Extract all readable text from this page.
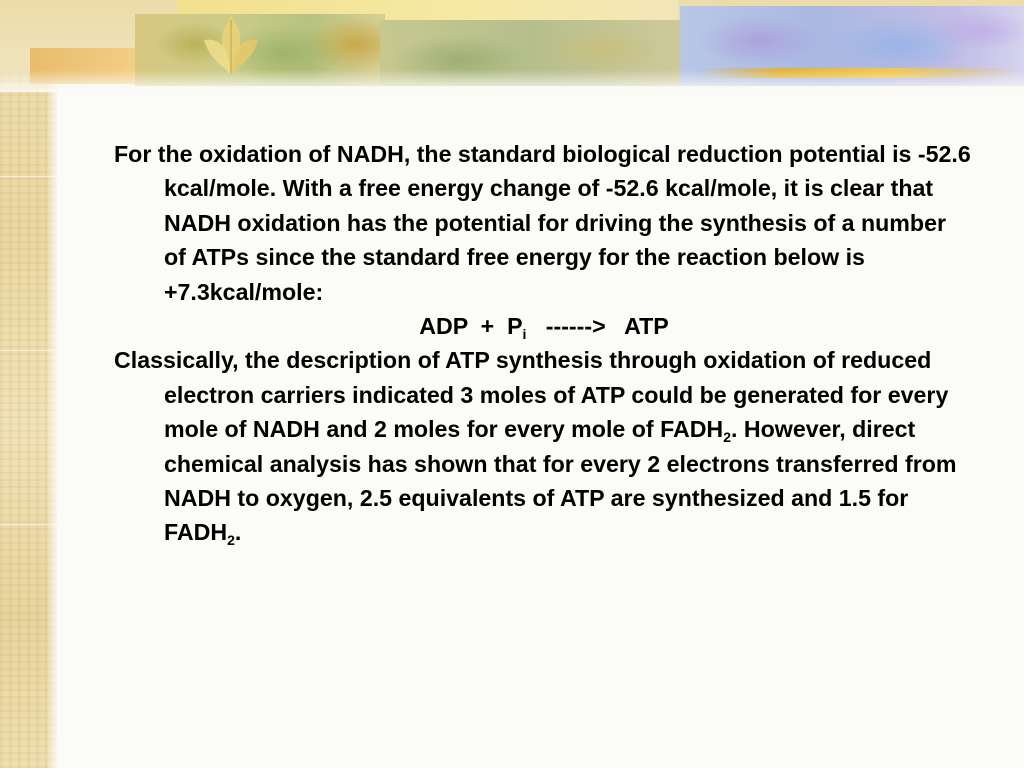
For the oxidation of NADH, the standard biological reduction potential is -52.6 kcal/mole. With a free energy change of -52.6 kcal/mole, it is clear that NADH oxidation has the potential for driving the synthesis of a number of ATPs since the standard free energy for the reaction below is +7.3kcal/mole:

ADP  +  $P_i$   ------>   ATP

Classically, the description of ATP synthesis through oxidation of reduced electron carriers indicated 3 moles of ATP could be generated for every mole of NADH and 2 moles for every mole of $FADH_2$. However, direct chemical analysis has shown that for every 2 electrons transferred from NADH to oxygen, 2.5 equivalents of ATP are synthesized and 1.5 for $FADH_2$.
